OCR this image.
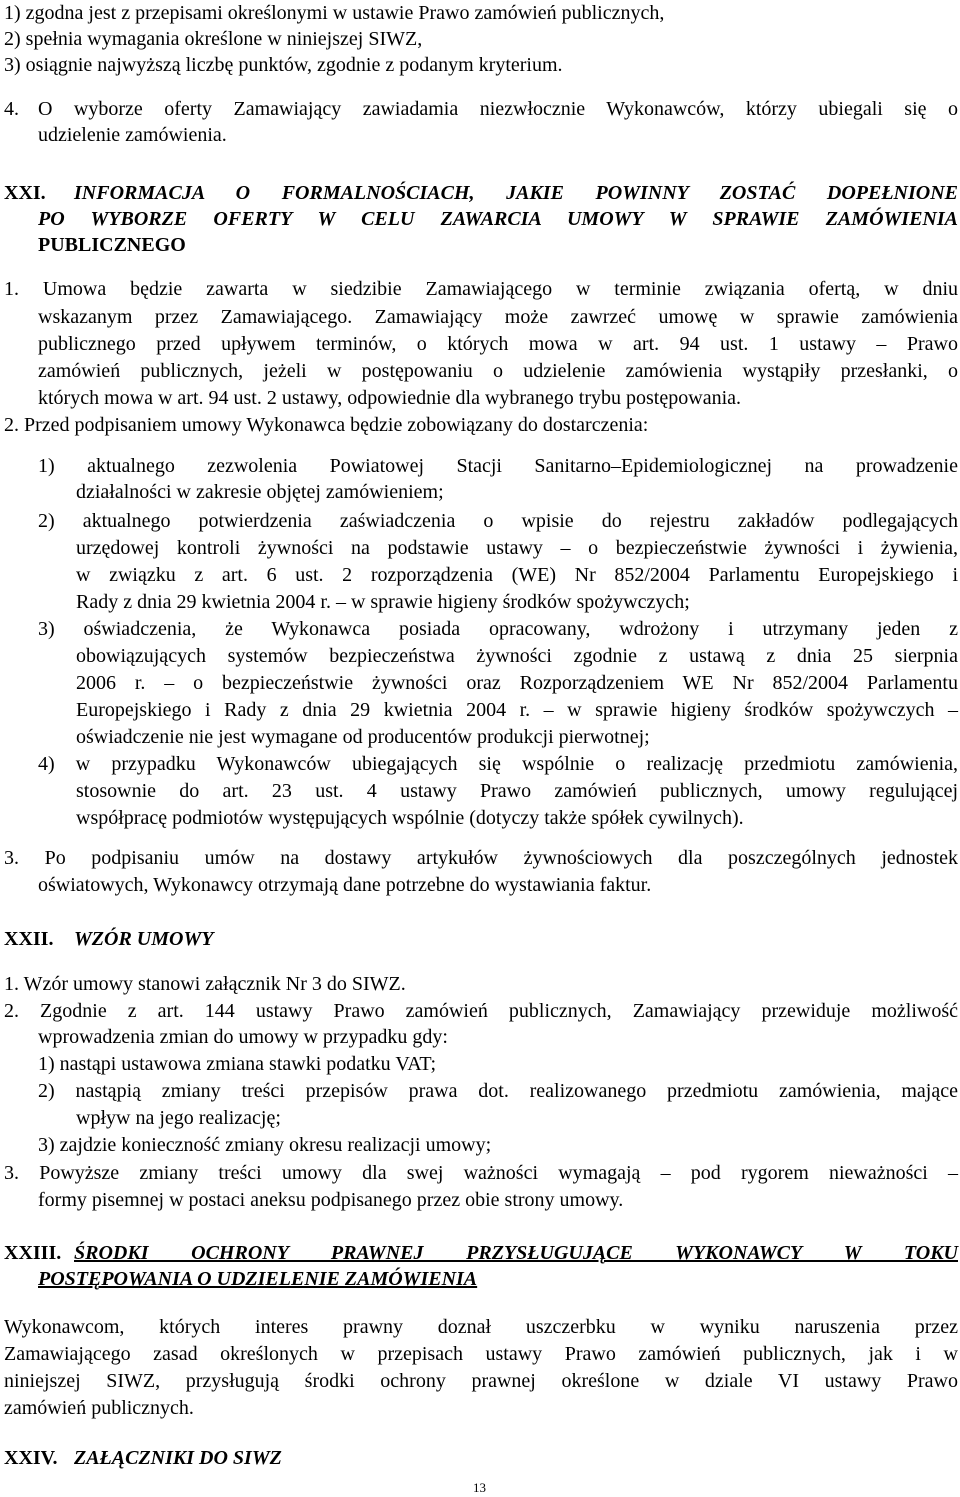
1) zgodna jest z przepisami określonymi w ustawie Prawo zamówień publicznych,
2) spełnia wymagania określone w niniejszej SIWZ,
3) osiągnie najwyższą liczbę punktów, zgodnie z podanym kryterium.
4. O wyborze oferty Zamawiający zawiadamia niezwłocznie Wykonawców, którzy ubiegali się o
udzielenie zamówienia.
XXI. INFORMACJA O FORMALNOŚCIACH, JAKIE POWINNY ZOSTAĆ DOPEŁNIONE
PO WYBORZE OFERTY W CELU ZAWARCIA UMOWY W SPRAWIE ZAMÓWIENIA
PUBLICZNEGO
1. Umowa będzie zawarta w siedzibie Zamawiającego w terminie związania ofertą, w dniu
wskazanym przez Zamawiającego. Zamawiający może zawrzeć umowę w sprawie zamówienia
publicznego przed upływem terminów, o których mowa w art. 94 ust. 1 ustawy – Prawo
zamówień publicznych, jeżeli w postępowaniu o udzielenie zamówienia wystąpiły przesłanki, o
których mowa w art. 94 ust. 2 ustawy, odpowiednie dla wybranego trybu postępowania.
2. Przed podpisaniem umowy Wykonawca będzie zobowiązany do dostarczenia:
1) aktualnego zezwolenia Powiatowej Stacji Sanitarno–Epidemiologicznej na prowadzenie
działalności w zakresie objętej zamówieniem;
2) aktualnego potwierdzenia zaświadczenia o wpisie do rejestru zakładów podlegających
urzędowej kontroli żywności na podstawie ustawy – o bezpieczeństwie żywności i żywienia,
w związku z art. 6 ust. 2 rozporządzenia (WE) Nr 852/2004 Parlamentu Europejskiego i
Rady z dnia 29 kwietnia 2004 r. – w sprawie higieny środków spożywczych;
3) oświadczenia, że Wykonawca posiada opracowany, wdrożony i utrzymany jeden z
obowiązujących systemów bezpieczeństwa żywności zgodnie z ustawą z dnia 25 sierpnia
2006 r. – o bezpieczeństwie żywności oraz Rozporządzeniem WE Nr 852/2004 Parlamentu
Europejskiego i Rady z dnia 29 kwietnia 2004 r. – w sprawie higieny środków spożywczych –
oświadczenie nie jest wymagane od producentów produkcji pierwotnej;
4) w przypadku Wykonawców ubiegających się wspólnie o realizację przedmiotu zamówienia,
stosownie do art. 23 ust. 4 ustawy Prawo zamówień publicznych, umowy regulującej
współpracę podmiotów występujących wspólnie (dotyczy także spółek cywilnych).
3. Po podpisaniu umów na dostawy artykułów żywnościowych dla poszczególnych jednostek
oświatowych, Wykonawcy otrzymają dane potrzebne do wystawiania faktur.
XXII. WZÓR UMOWY
1. Wzór umowy stanowi załącznik Nr 3 do SIWZ.
2. Zgodnie z art. 144 ustawy Prawo zamówień publicznych, Zamawiający przewiduje możliwość
wprowadzenia zmian do umowy w przypadku gdy:
1) nastąpi ustawowa zmiana stawki podatku VAT;
2) nastąpią zmiany treści przepisów prawa dot. realizowanego przedmiotu zamówienia, mające
wpływ na jego realizację;
3) zajdzie konieczność zmiany okresu realizacji umowy;
3. Powyższe zmiany treści umowy dla swej ważności wymagają – pod rygorem nieważności –
formy pisemnej w postaci aneksu podpisanego przez obie strony umowy.
XXIII. ŚRODKI OCHRONY PRAWNEJ PRZYSŁUGUJĄCE WYKONAWCY W TOKU
POSTĘPOWANIA O UDZIELENIE ZAMÓWIENIA
Wykonawcom, których interes prawny doznał uszczerbku w wyniku naruszenia przez
Zamawiającego zasad określonych w przepisach ustawy Prawo zamówień publicznych, jak i w
niniejszej SIWZ, przysługują środki ochrony prawnej określone w dziale VI ustawy Prawo
zamówień publicznych.
XXIV. ZAŁĄCZNIKI DO SIWZ
13
